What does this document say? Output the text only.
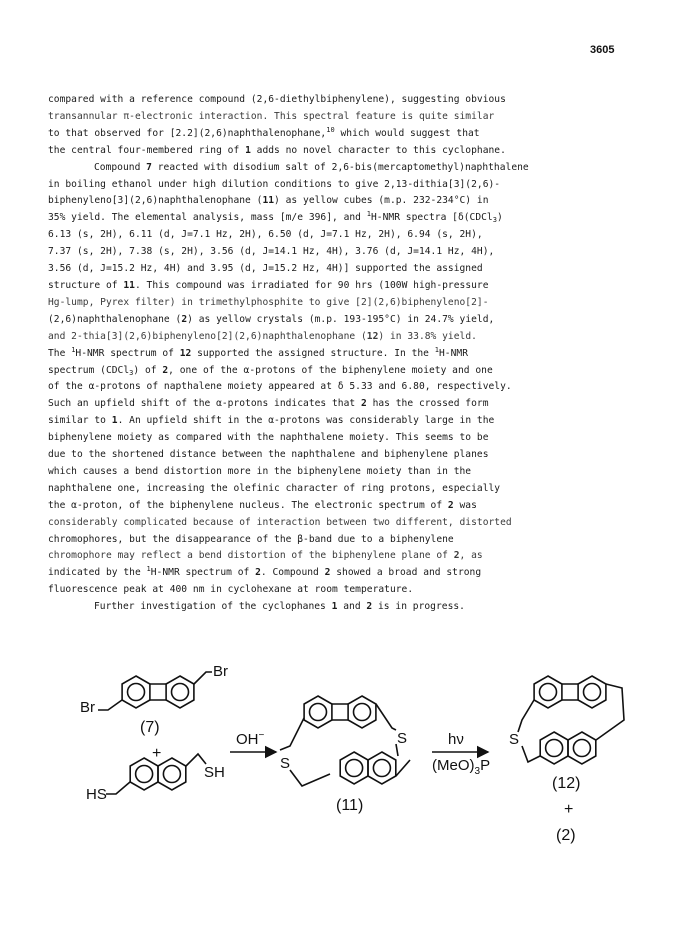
3605

compared with a reference compound (2,6-diethylbiphenylene), suggesting obvious
transannular π-electronic interaction. This spectral feature is quite similar
to that observed for [2.2](2,6)naphthalenophane,$^{10}$ which would suggest that
the central four-membered ring of 1 adds no novel character to this cyclophane.

Compound 7 reacted with disodium salt of 2,6-bis(mercaptomethyl)naphthalene
in boiling ethanol under high dilution conditions to give 2,13-dithia[3](2,6)-
biphenyleno[3](2,6)naphthalenophane (11) as yellow cubes (m.p. 232-234°C) in
35% yield. The elemental analysis, mass [m/e 396], and $^1$H-NMR spectra [δ(CDCl$_3$)
6.13 (s, 2H), 6.11 (d, J=7.1 Hz, 2H), 6.50 (d, J=7.1 Hz, 2H), 6.94 (s, 2H),
7.37 (s, 2H), 7.38 (s, 2H), 3.56 (d, J=14.1 Hz, 4H), 3.76 (d, J=14.1 Hz, 4H),
3.56 (d, J=15.2 Hz, 4H) and 3.95 (d, J=15.2 Hz, 4H)] supported the assigned
structure of 11. This compound was irradiated for 90 hrs (100W high-pressure
Hg-lump, Pyrex filter) in trimethylphosphite to give [2](2,6)biphenyleno[2]-
(2,6)naphthalenophane (2) as yellow crystals (m.p. 193-195°C) in 24.7% yield,
and 2-thia[3](2,6)biphenyleno[2](2,6)naphthalenophane (12) in 33.8% yield.
The $^1$H-NMR spectrum of 12 supported the assigned structure. In the $^1$H-NMR
spectrum (CDCl$_3$) of 2, one of the α-protons of the biphenylene moiety and one
of the α-protons of napthalene moiety appeared at δ 5.33 and 6.80, respectively.
Such an upfield shift of the α-protons indicates that 2 has the crossed form
similar to 1. An upfield shift in the α-protons was considerably large in the
biphenylene moiety as compared with the naphthalene moiety. This seems to be
due to the shortened distance between the naphthalene and biphenylene planes
which causes a bend distortion more in the biphenylene moiety than in the
naphthalene one, increasing the olefinic character of ring protons, especially
the α-proton, of the biphenylene nucleus. The electronic spectrum of 2 was
considerably complicated because of interaction between two different, distorted
chromophores, but the disappearance of the β-band due to a biphenylene
chromophore may reflect a bend distortion of the biphenylene plane of 2, as
indicated by the $^1$H-NMR spectrum of 2. Compound 2 showed a broad and strong
fluorescence peak at 400 nm in cyclohexane at room temperature.

Further investigation of the cyclophanes 1 and 2 is in progress.

Br
Br
(7)
+
HS
SH
OH−	S
S
(11)
hν
$(MeO)_3P$
S
(12)
+
(2)
